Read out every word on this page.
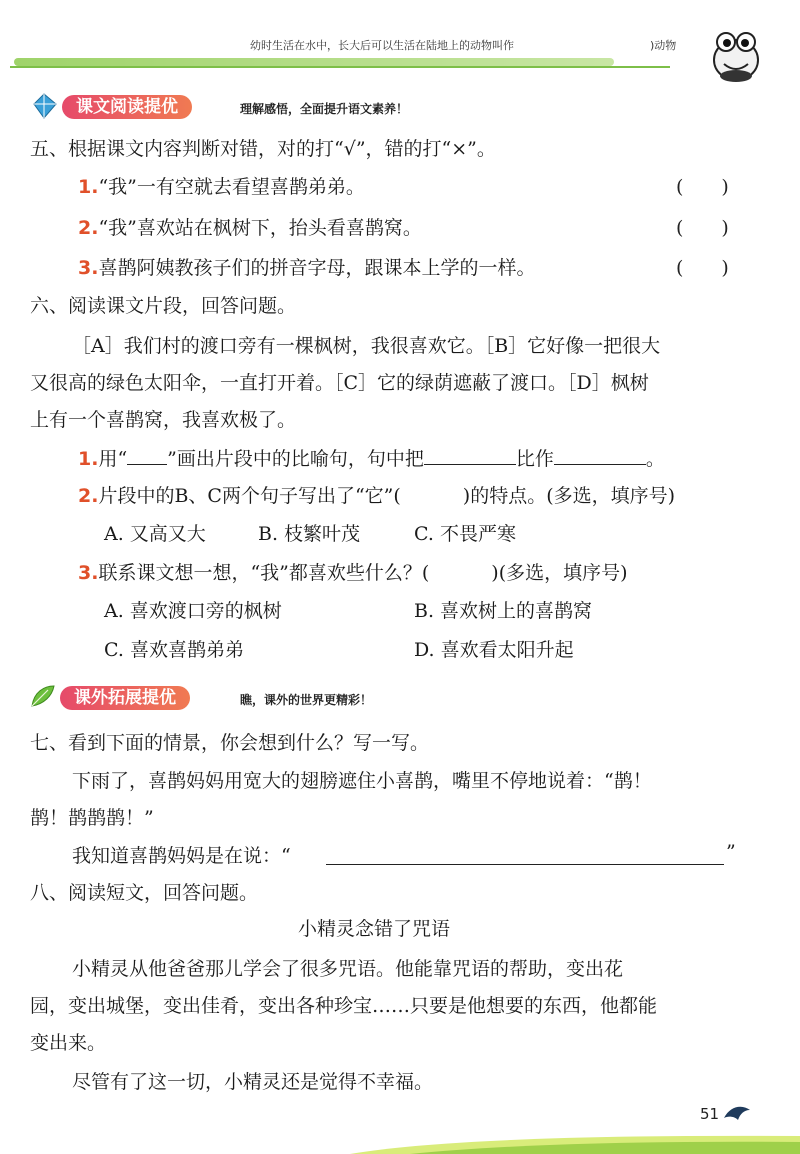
幼时生活在水中，长大后可以生活在陆地上的动物叫作	)动物
课文阅读提优	理解感悟，全面提升语文素养！
五、根据课文内容判断对错，对的打“√”，错的打“×”。
1.“我”一有空就去看望喜鹊弟弟。	(　　)
2.“我”喜欢站在枫树下，抬头看喜鹊窝。	(　　)
3.喜鹊阿姨教孩子们的拼音字母，跟课本上学的一样。	(　　)
六、阅读课文片段，回答问题。
［A］我们村的渡口旁有一棵枫树，我很喜欢它。［B］它好像一把很大
又很高的绿色太阳伞，一直打开着。［C］它的绿荫遮蔽了渡口。［D］枫树
上有一个喜鹊窝，我喜欢极了。
1.用“ ”画出片段中的比喻句，句中把	比作	。
2.片段中的B、C两个句子写出了“它”(	)的特点。(多选，填序号)
A. 又高又大	B. 枝繁叶茂	C. 不畏严寒
3.联系课文想一想，“我”都喜欢些什么？(	)(多选，填序号)
A. 喜欢渡口旁的枫树	B. 喜欢树上的喜鹊窝
C. 喜欢喜鹊弟弟	D. 喜欢看太阳升起
课外拓展提优	瞧，课外的世界更精彩！
七、看到下面的情景，你会想到什么？写一写。
下雨了，喜鹊妈妈用宽大的翅膀遮住小喜鹊，嘴里不停地说着：“鹊！
鹊！鹊鹊鹊！”
我知道喜鹊妈妈是在说：“	”
八、阅读短文，回答问题。
小精灵念错了咒语
小精灵从他爸爸那儿学会了很多咒语。他能靠咒语的帮助，变出花
园，变出城堡，变出佳肴，变出各种珍宝……只要是他想要的东西，他都能
变出来。
尽管有了这一切，小精灵还是觉得不幸福。
51
